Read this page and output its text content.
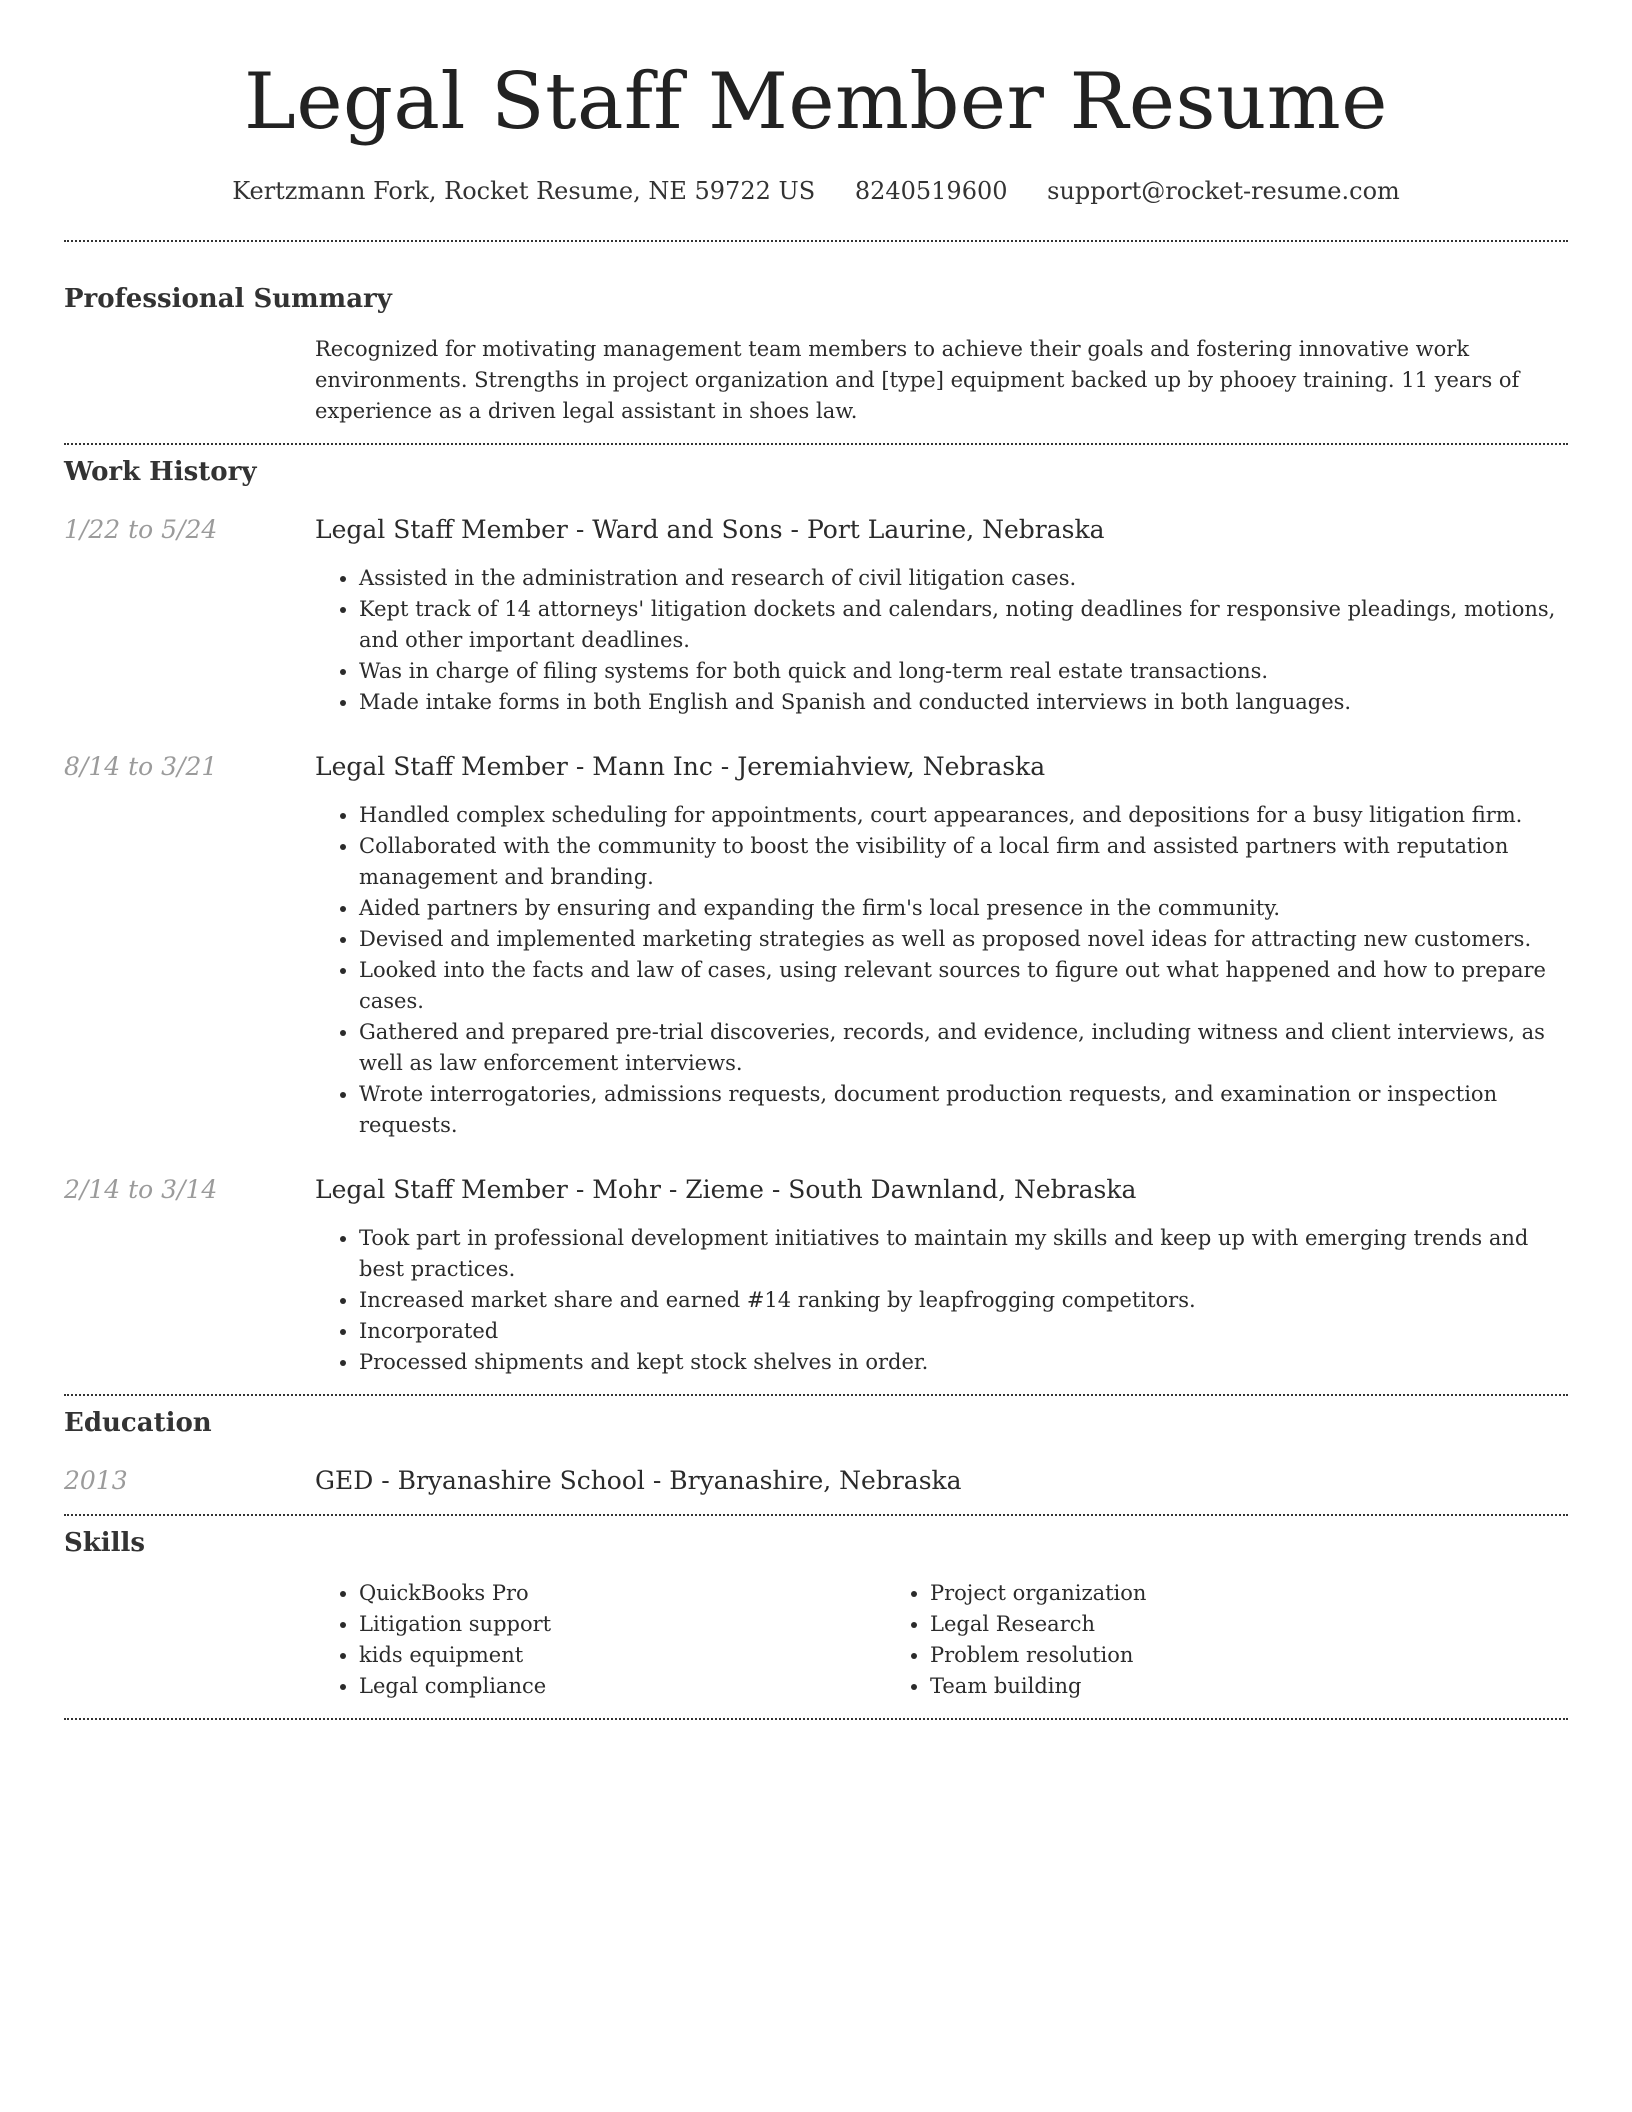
Legal Staff Member Resume
Kertzmann Fork, Rocket Resume, NE 59722 US 8240519600 support@rocket-resume.com
Professional Summary

Recognized for motivating management team members to achieve their goals and fostering innovative work environments. Strengths in project organization and [type] equipment backed up by phooey training. 11 years of experience as a driven legal assistant in shoes law.

Work History
1/22 to 5/24	Legal Staff Member - Ward and Sons - Port Laurine, Nebraska

• Assisted in the administration and research of civil litigation cases.
• Kept track of 14 attorneys' litigation dockets and calendars, noting deadlines for responsive pleadings, motions, and other important deadlines.
• Was in charge of filing systems for both quick and long-term real estate transactions.
• Made intake forms in both English and Spanish and conducted interviews in both languages.
8/14 to 3/21	Legal Staff Member - Mann Inc - Jeremiahview, Nebraska

• Handled complex scheduling for appointments, court appearances, and depositions for a busy litigation firm.
• Collaborated with the community to boost the visibility of a local firm and assisted partners with reputation management and branding.
• Aided partners by ensuring and expanding the firm's local presence in the community.
• Devised and implemented marketing strategies as well as proposed novel ideas for attracting new customers.
• Looked into the facts and law of cases, using relevant sources to figure out what happened and how to prepare cases.
• Gathered and prepared pre-trial discoveries, records, and evidence, including witness and client interviews, as well as law enforcement interviews.
• Wrote interrogatories, admissions requests, document production requests, and examination or inspection requests.
2/14 to 3/14	Legal Staff Member - Mohr - Zieme - South Dawnland, Nebraska

• Took part in professional development initiatives to maintain my skills and keep up with emerging trends and best practices.
• Increased market share and earned #14 ranking by leapfrogging competitors.
• Incorporated
• Processed shipments and kept stock shelves in order.
Education
2013	GED - Bryanashire School - Bryanashire, Nebraska

Skills
• QuickBooks Pro
• Litigation support
• kids equipment
• Legal compliance
• Project organization
• Legal Research
• Problem resolution
• Team building
